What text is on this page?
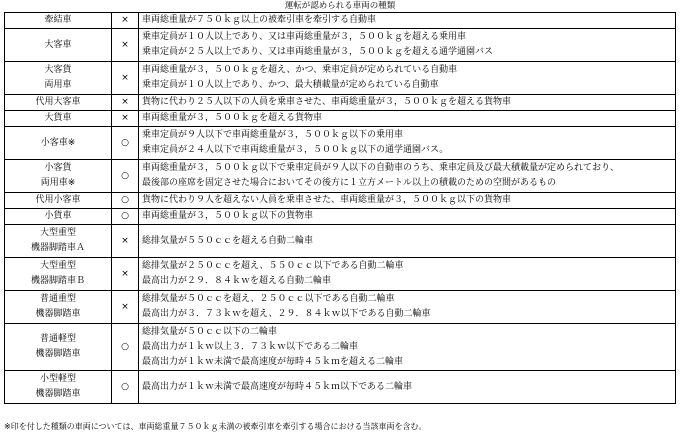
運転が認められる車両の種類
牽結車	×	車両総重量が７５０ｋｇ以上の被牽引車を牽引する自動車

大客車	×	乗車定員が１０人以上であり、又は車両総重量が３，５００ｋｇを超える乗用車
乗車定員が２５人以上であり、又は車両総重量が３，５００ｋｇを超える通学通園バス

大客貨
両用車	×	車両総重量が３，５００ｋｇを超え、かつ、乗車定員が定められている自動車
乗車定員が１０人以上であり、かつ、最大積載量が定められている自動車

代用大客車	×	貨物に代わり２５人以下の人員を乗車させた、車両総重量が３，５００ｋｇを超える貨物車

大貨車	×	車両総重量が３，５００ｋｇを超える貨物車

小客車※	○	乗車定員が９人以下で車両総重量が３，５００ｋｇ以下の乗用車
乗車定員が２４人以下で車両総重量が３，５００ｋｇ以下の通学通園バス。

小客貨
両用車※	○	車両総重量が３，５００ｋｇ以下で乗車定員が９人以下の自動車のうち、乗車定員及び最大積載量が定められており、
最後部の座席を固定させた場合においてその後方に１立方メートル以上の積載のための空間があるもの

代用小客車	○	貨物に代わり９人を超えない人員を乗車させた、車両総重量が３，５００ｋｇ以下の貨物車

小貨車	○	車両総重量が３，５００ｋｇ以下の貨物車

大型重型
機器脚踏車Ａ	×	総排気量が５５０ｃｃを超える自動二輪車

大型重型
機器脚踏車Ｂ	×	総排気量が２５０ｃｃを超え、５５０ｃｃ以下である自動二輪車
最高出力が２９．８４ｋｗを超える自動二輪車

普通重型
機器脚踏車	×	総排気量が５０ｃｃを超え、２５０ｃｃ以下である自動二輪車
最高出力が３．７３ｋｗを超え、２９．８４ｋｗ以下である自動二輪車

普通軽型
機器脚踏車	○	総排気量が５０ｃｃ以下の二輪車
最高出力が１ｋｗ以上３．７３ｋｗ以下である二輪車
最高出力が１ｋｗ未満で最高速度が毎時４５ｋｍを超える二輪車

小型軽型
機器脚踏車	○	最高出力が１ｋｗ未満で最高速度が毎時４５ｋｍ以下である二輪車
※印を付した種類の車両については、車両総重量７５０ｋｇ未満の被牽引車を牽引する場合における当該車両を含む。
